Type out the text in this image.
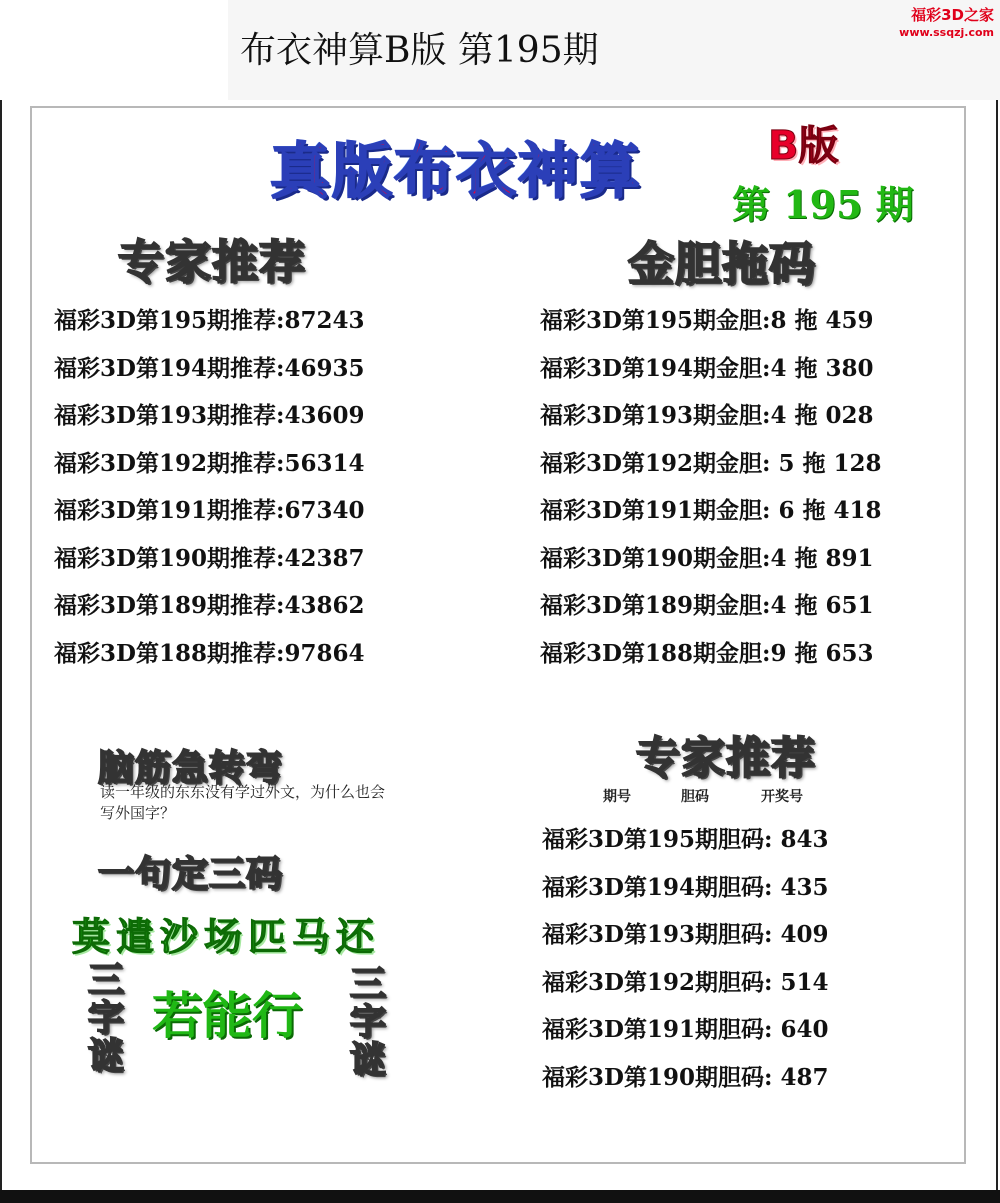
布衣神算B版 第195期
福彩3D之家
www.ssqzj.com
真版布衣神算	B版
第 195 期
专家推荐	金胆拖码
福彩3D第195期推荐:87243
福彩3D第194期推荐:46935
福彩3D第193期推荐:43609
福彩3D第192期推荐:56314
福彩3D第191期推荐:67340
福彩3D第190期推荐:42387
福彩3D第189期推荐:43862
福彩3D第188期推荐:97864
福彩3D第195期金胆:8 拖 459
福彩3D第194期金胆:4 拖 380
福彩3D第193期金胆:4 拖 028
福彩3D第192期金胆: 5 拖 128
福彩3D第191期金胆: 6 拖 418
福彩3D第190期金胆:4 拖 891
福彩3D第189期金胆:4 拖 651
福彩3D第188期金胆:9 拖 653
专家推荐
期号	胆码	开奖号
福彩3D第195期胆码: 843
福彩3D第194期胆码: 435
福彩3D第193期胆码: 409
福彩3D第192期胆码: 514
福彩3D第191期胆码: 640
福彩3D第190期胆码: 487
脑筋急转弯
读一年级的东东没有学过外文，为什么也会写外国字？
一句定三码
莫遣沙场匹马还
三
字
谜
若能行
三
字
谜
